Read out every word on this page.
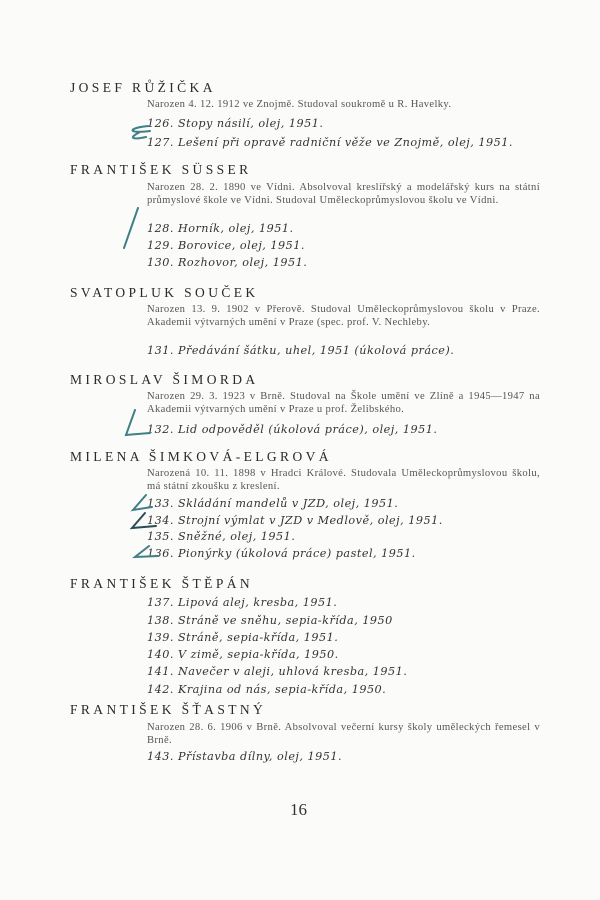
JOSEF RŮŽIČKA
Narozen 4. 12. 1912 ve Znojmě. Studoval soukromě u R. Havelky.
126. Stopy násilí, olej, 1951.
127. Lešení při opravě radniční věže ve Znojmě, olej, 1951.
FRANTIŠEK SÜSSER
Narozen 28. 2. 1890 ve Vídni. Absolvoval kreslířský a modelářský kurs na státní průmyslové škole ve Vídni. Studoval Uměleckoprůmyslovou školu ve Vídni.
128. Horník, olej, 1951.
129. Borovice, olej, 1951.
130. Rozhovor, olej, 1951.
SVATOPLUK SOUČEK
Narozen 13. 9. 1902 v Přerově. Studoval Uměleckoprůmyslovou školu v Praze. Akademii výtvarných umění v Praze (spec. prof. V. Nechleby.
131. Předávání šátku, uhel, 1951 (úkolová práce).
MIROSLAV ŠIMORDA
Narozen 29. 3. 1923 v Brně. Studoval na Škole umění ve Zlíně a 1945—1947 na Akademii výtvarných umění v Praze u prof. Želibského.
132. Lid odpověděl (úkolová práce), olej, 1951.
MILENA ŠIMKOVÁ-ELGROVÁ
Narozená 10. 11. 1898 v Hradci Králové. Studovala Uměleckoprůmyslovou školu, má státní zkoušku z kreslení.
133. Skládání mandelů v JZD, olej, 1951.
134. Strojní výmlat v JZD v Medlově, olej, 1951.
135. Sněžné, olej, 1951.
136. Pionýrky (úkolová práce) pastel, 1951.
FRANTIŠEK ŠTĚPÁN
137. Lipová alej, kresba, 1951.
138. Stráně ve sněhu, sepia-křída, 1950
139. Stráně, sepia-křída, 1951.
140. V zimě, sepia-křída, 1950.
141. Navečer v aleji, uhlová kresba, 1951.
142. Krajina od nás, sepia-křída, 1950.
FRANTIŠEK ŠŤASTNÝ
Narozen 28. 6. 1906 v Brně. Absolvoval večerní kursy školy uměleckých řemesel v Brně.
143. Přístavba dílny, olej, 1951.
16
